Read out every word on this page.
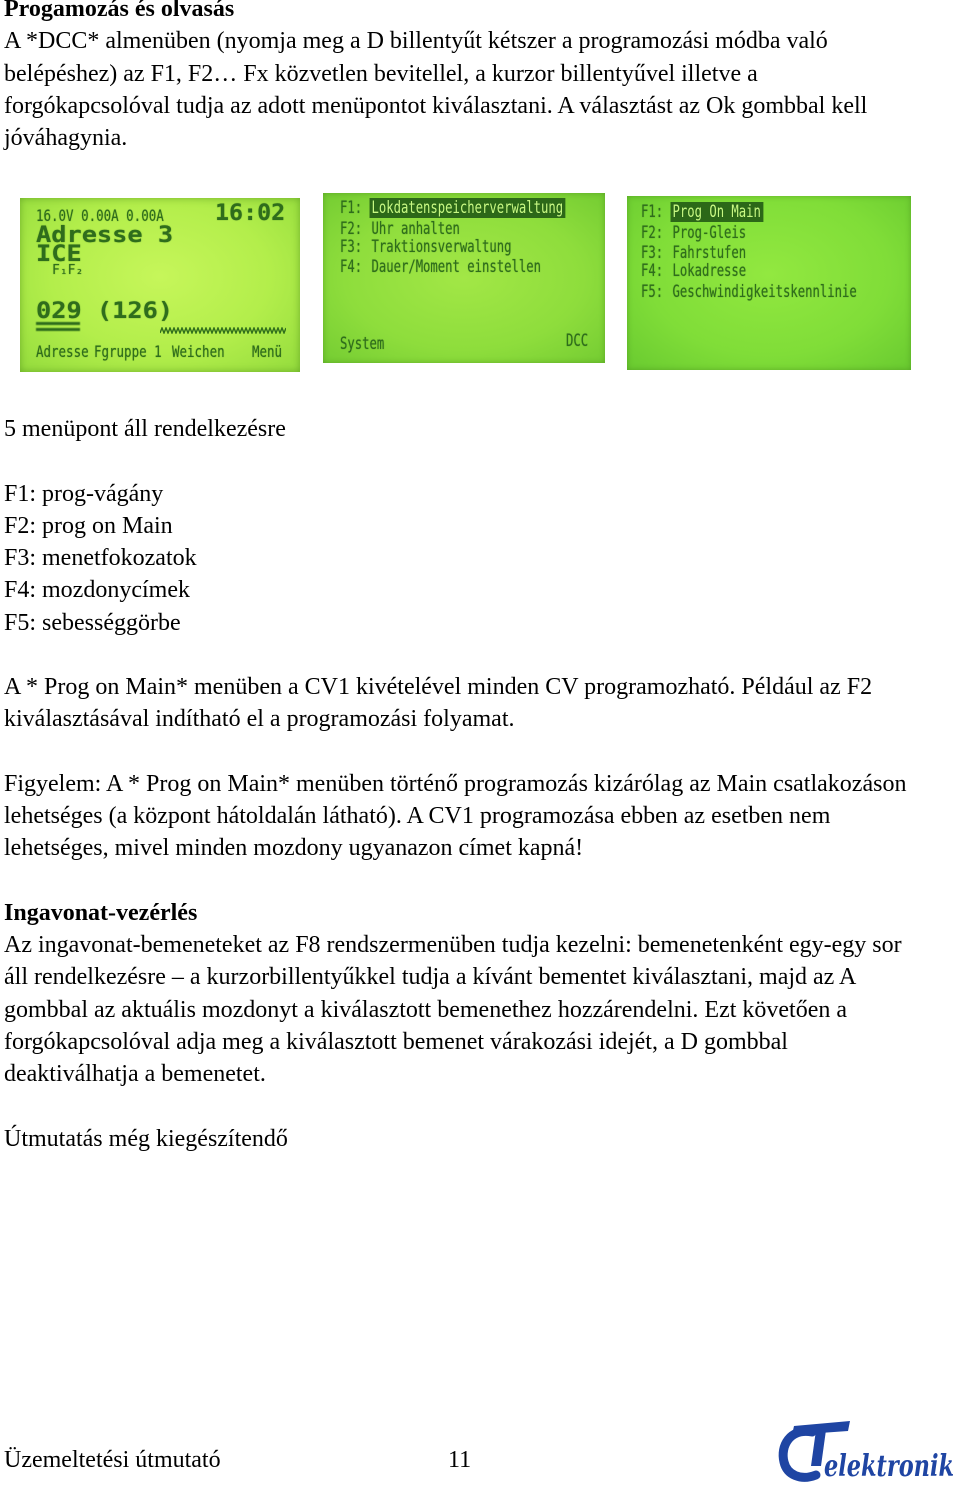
Progamozás és olvasás
A *DCC* almenüben (nyomja meg a D billentyűt kétszer a programozási módba való
belépéshez) az F1, F2… Fx közvetlen bevitellel, a kurzor billentyűvel illetve a
forgókapcsolóval tudja az adott menüpontot kiválasztani. A választást az Ok gombbal kell
jóváhagynia.
16.0V 0.00A 0.00A 16:02
Adresse 3
ICE
F₁F₂
029 (126)
Adresse Fgruppe 1 Weichen Menü
F1: Lokdatenspeicherverwaltung
F2: Uhr anhalten
F3: Traktionsverwaltung
F4: Dauer/Moment einstellen
System	DCC
F1: Prog On Main
F2: Prog-Gleis
F3: Fahrstufen
F4: Lokadresse
F5: Geschwindigkeitskennlinie
5 menüpont áll rendelkezésre
F1: prog-vágány
F2: prog on Main
F3: menetfokozatok
F4: mozdonycímek
F5: sebességgörbe
A * Prog on Main* menüben a CV1 kivételével minden CV programozható. Például az F2
kiválasztásával indítható el a programozási folyamat.
Figyelem: A * Prog on Main* menüben történő programozás kizárólag az Main csatlakozáson
lehetséges (a központ hátoldalán látható). A CV1 programozása ebben az esetben nem
lehetséges, mivel minden mozdony ugyanazon címet kapná!
Ingavonat-vezérlés
Az ingavonat-bemeneteket az F8 rendszermenüben tudja kezelni: bemenetenként egy-egy sor
áll rendelkezésre – a kurzorbillentyűkkel tudja a kívánt bementet kiválasztani, majd az A
gombbal az aktuális mozdonyt a kiválasztott bemenethez hozzárendelni. Ezt követően a
forgókapcsolóval adja meg a kiválasztott bemenet várakozási idejét, a D gombbal
deaktiválhatja a bemenetet.
Útmutatás még kiegészítendő
Üzemeltetési útmutató	11	elektronik
